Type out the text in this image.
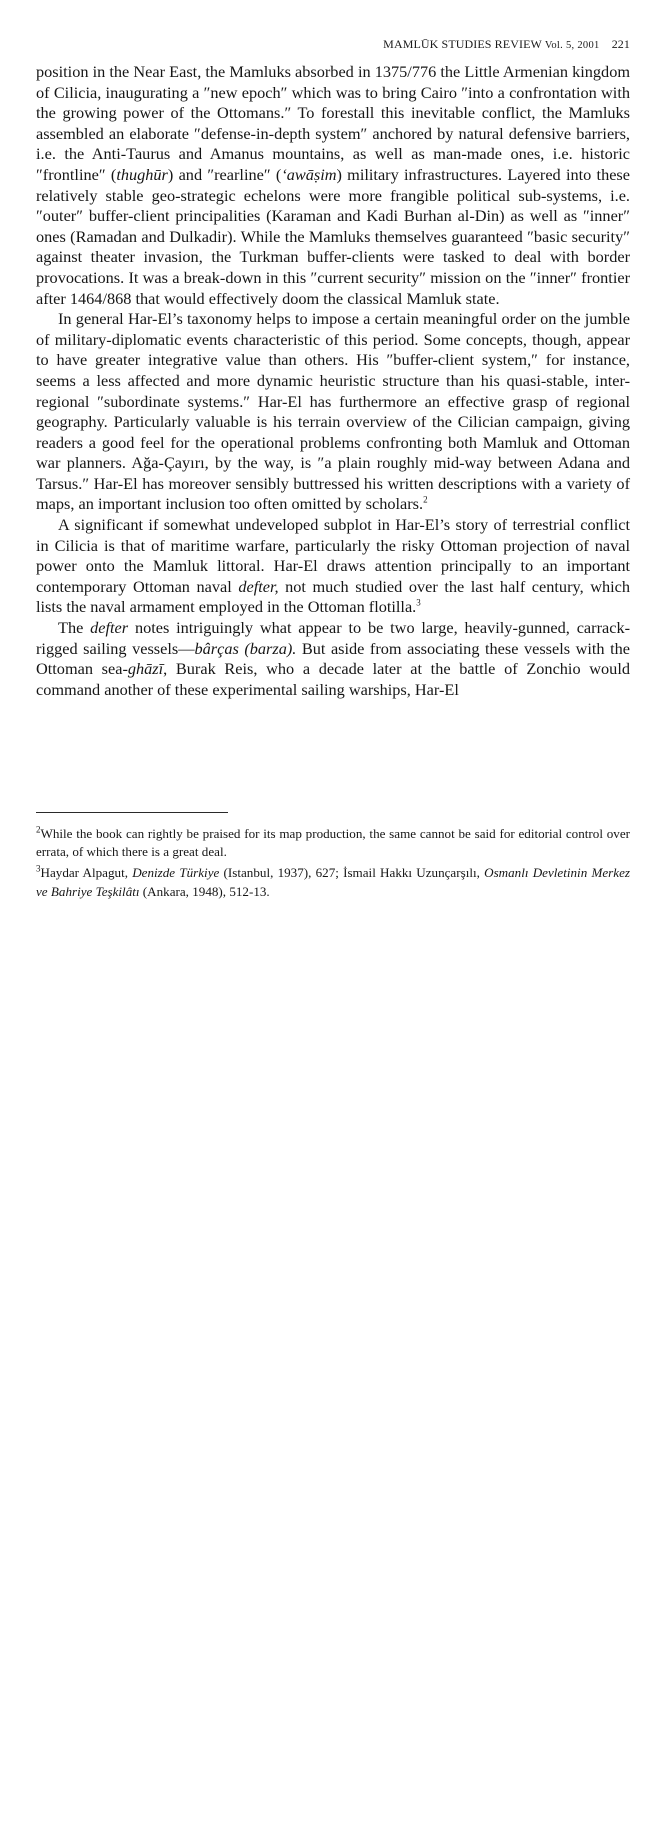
MAMLŪK STUDIES REVIEW Vol. 5, 2001 221

position in the Near East, the Mamluks absorbed in 1375/776 the Little Armenian kingdom of Cilicia, inaugurating a ″new epoch″ which was to bring Cairo ″into a confrontation with the growing power of the Ottomans.″ To forestall this inevitable conflict, the Mamluks assembled an elaborate ″defense-in-depth system″ anchored by natural defensive barriers, i.e. the Anti-Taurus and Amanus mountains, as well as man-made ones, i.e. historic ″frontline″ (thughūr) and ″rearline″ (‘awāṣim) military infrastructures. Layered into these relatively stable geo-strategic echelons were more frangible political sub-systems, i.e. ″outer″ buffer-client principalities (Karaman and Kadi Burhan al-Din) as well as ″inner″ ones (Ramadan and Dulkadir). While the Mamluks themselves guaranteed ″basic security″ against theater invasion, the Turkman buffer-clients were tasked to deal with border provocations. It was a break-down in this ″current security″ mission on the ″inner″ frontier after 1464/868 that would effectively doom the classical Mamluk state.

In general Har-El’s taxonomy helps to impose a certain meaningful order on the jumble of military-diplomatic events characteristic of this period. Some concepts, though, appear to have greater integrative value than others. His ″buffer-client system,″ for instance, seems a less affected and more dynamic heuristic structure than his quasi-stable, inter-regional ″subordinate systems.″ Har-El has furthermore an effective grasp of regional geography. Particularly valuable is his terrain overview of the Cilician campaign, giving readers a good feel for the operational problems confronting both Mamluk and Ottoman war planners. Ağa-Çayırı, by the way, is ″a plain roughly mid-way between Adana and Tarsus.″ Har-El has moreover sensibly buttressed his written descriptions with a variety of maps, an important inclusion too often omitted by scholars.$^2$

A significant if somewhat undeveloped subplot in Har-El’s story of terrestrial conflict in Cilicia is that of maritime warfare, particularly the risky Ottoman projection of naval power onto the Mamluk littoral. Har-El draws attention principally to an important contemporary Ottoman naval defter, not much studied over the last half century, which lists the naval armament employed in the Ottoman flotilla.$^3$

The defter notes intriguingly what appear to be two large, heavily-gunned, carrack-rigged sailing vessels—bârças (barza). But aside from associating these vessels with the Ottoman sea-ghāzī, Burak Reis, who a decade later at the battle of Zonchio would command another of these experimental sailing warships, Har-El

$^2$While the book can rightly be praised for its map production, the same cannot be said for editorial control over errata, of which there is a great deal.

$^3$Haydar Alpagut, Denizde Türkiye (Istanbul, 1937), 627; İsmail Hakkı Uzunçarşılı, Osmanlı Devletinin Merkez ve Bahriye Teşkilâtı (Ankara, 1948), 512-13.
